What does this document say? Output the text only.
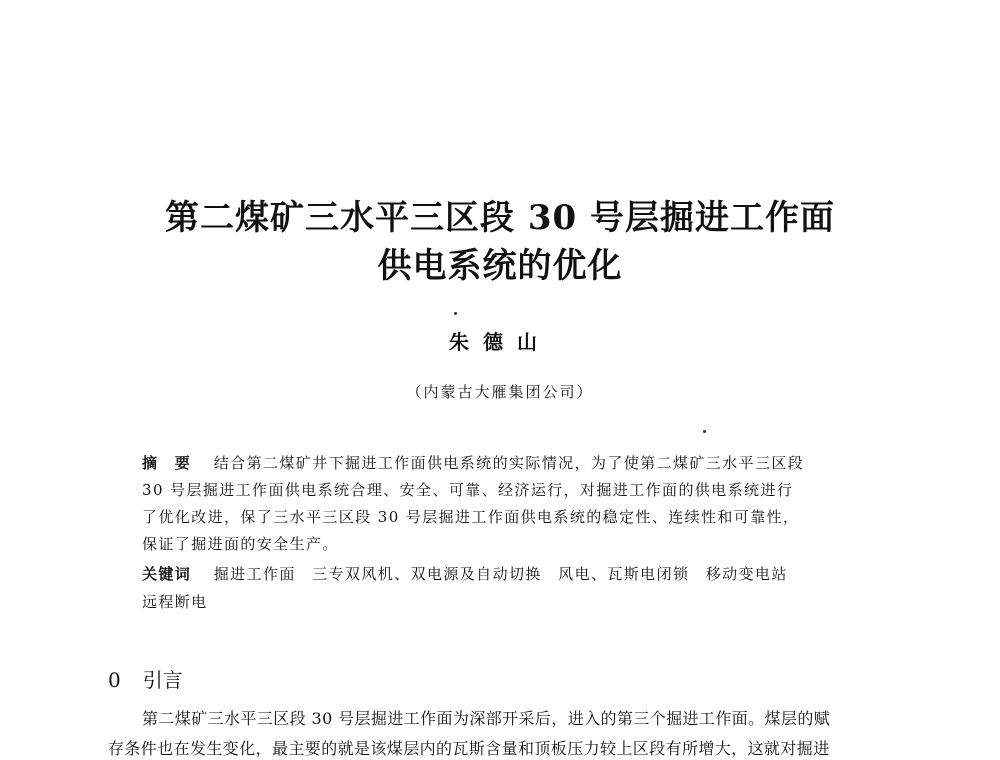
第二煤矿三水平三区段 30 号层掘进工作面
供电系统的优化
朱德山
（内蒙古大雁集团公司）
摘　要　 结合第二煤矿井下掘进工作面供电系统的实际情况，为了使第二煤矿三水平三区段
30 号层掘进工作面供电系统合理、安全、可靠、经济运行，对掘进工作面的供电系统进行
了优化改进，保了三水平三区段 30 号层掘进工作面供电系统的稳定性、连续性和可靠性，
保证了掘进面的安全生产。
关键词　 掘进工作面　三专双风机、双电源及自动切换　风电、瓦斯电闭锁　移动变电站
远程断电
0 引言
第二煤矿三水平三区段 30 号层掘进工作面为深部开采后，进入的第三个掘进工作面。煤层的赋
存条件也在发生变化，最主要的就是该煤层内的瓦斯含量和顶板压力较上区段有所增大，这就对掘进
